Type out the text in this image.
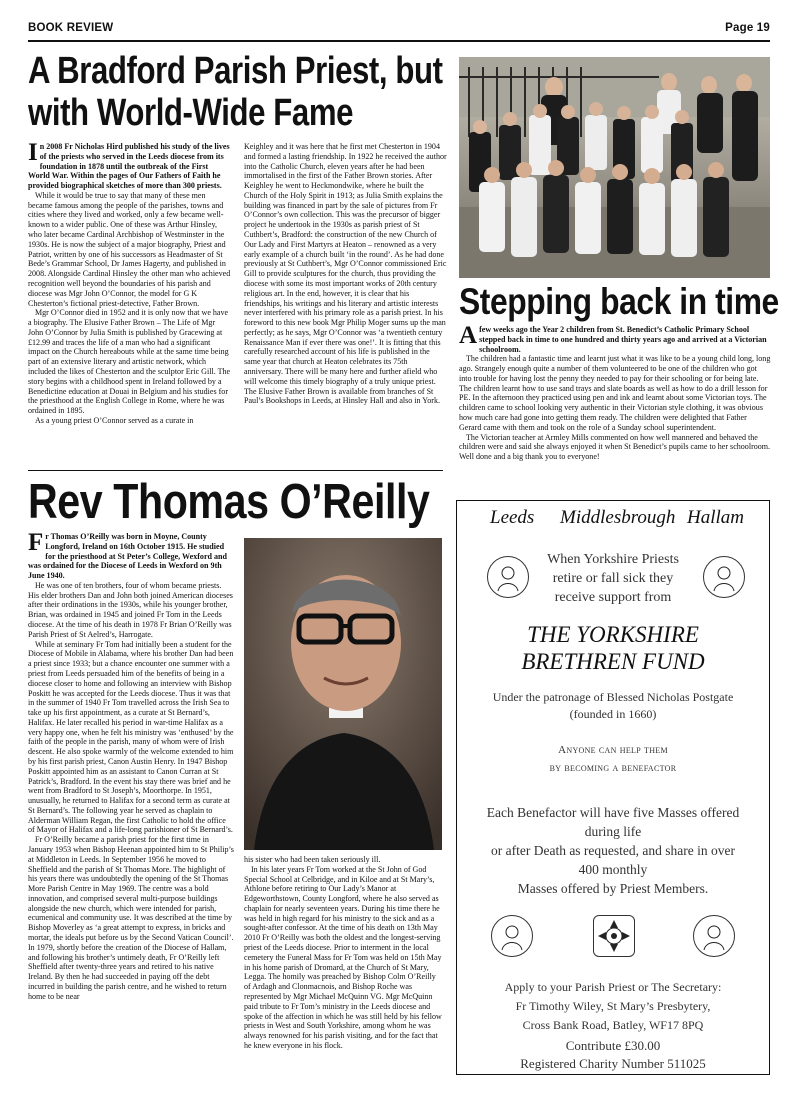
BOOK REVIEW	Page 19
A Bradford Parish Priest, but
with World-Wide Fame
I n 2008 Fr Nicholas Hird published his study of the lives of the priests who served in the Leeds diocese from its foundation in 1878 until the outbreak of the First World War. Within the pages of Our Fathers of Faith he provided biographical sketches of more than 300 priests.

While it would be true to say that many of these men became famous among the people of the parishes, towns and cities where they lived and worked, only a few became well-known to a wider public. One of these was Arthur Hinsley, who later became Cardinal Archbishop of Westminster in the 1930s. He is now the subject of a major biography, Priest and Patriot, written by one of his successors as Headmaster of St Bede’s Grammar School, Dr James Hagerty, and published in 2008. Alongside Cardinal Hinsley the other man who achieved recognition well beyond the boundaries of his parish and diocese was Mgr John O’Connor, the model for G K Chesterton’s fictional priest-detective, Father Brown.

Mgr O’Connor died in 1952 and it is only now that we have a biography. The Elusive Father Brown – The Life of Mgr John O’Connor by Julia Smith is published by Gracewing at £12.99 and traces the life of a man who had a significant impact on the Church hereabouts while at the same time being part of an extensive literary and artistic network, which included the likes of Chesterton and the sculptor Eric Gill. The story begins with a childhood spent in Ireland followed by a Benedictine education at Douai in Belgium and his studies for the priesthood at the English College in Rome, where he was ordained in 1895.

As a young priest O’Connor served as a curate in

Keighley and it was here that he first met Chesterton in 1904 and formed a lasting friendship. In 1922 he received the author into the Catholic Church, eleven years after he had been immortalised in the first of the Father Brown stories. After Keighley he went to Heckmondwike, where he built the Church of the Holy Spirit in 1913; as Julia Smith explains the building was financed in part by the sale of pictures from Fr O’Connor’s own collection. This was the precursor of bigger project he undertook in the 1930s as parish priest of St Cuthbert’s, Bradford: the construction of the new Church of Our Lady and First Martyrs at Heaton – renowned as a very early example of a church built ‘in the round’. As he had done previously at St Cuthbert’s, Mgr O’Connor commissioned Eric Gill to provide sculptures for the church, thus providing the diocese with some its most important works of 20th century religious art. In the end, however, it is clear that his friendships, his writings and his literary and artistic interests never interfered with his primary role as a parish priest. In his foreword to this new book Mgr Philip Moger sums up the man perfectly; as he says, Mgr O’Connor was ‘a twentieth century Renaissance Man if ever there was one!’. It is fitting that this carefully researched account of his life is published in the same year that church at Heaton celebrates its 75th anniversary. There will be many here and further afield who will welcome this timely biography of a truly unique priest. The Elusive Father Brown is available from branches of St Paul’s Bookshops in Leeds, at Hinsley Hall and also in York.

Stepping back in time
A few weeks ago the Year 2 children from St. Benedict’s Catholic Primary School stepped back in time to one hundred and thirty years ago and arrived at a Victorian schoolroom.

The children had a fantastic time and learnt just what it was like to be a young child long, long ago. Strangely enough quite a number of them volunteered to be one of the children who got into trouble for having lost the penny they needed to pay for their schooling or for being late. The children learnt how to use sand trays and slate boards as well as how to do a drill lesson for PE. In the afternoon they practiced using pen and ink and learnt about some Victorian toys. The children came to school looking very authentic in their Victorian style clothing, it was obvious how much care had gone into getting them ready. The children were delighted that Father Gerard came with them and took on the role of a Sunday school superintendent.

The Victorian teacher at Armley Mills commented on how well mannered and behaved the children were and said she always enjoyed it when St Benedict’s pupils came to her schoolroom. Well done and a big thank you to everyone!

Rev Thomas O’Reilly
F r Thomas O’Reilly was born in Moyne, County Longford, Ireland on 16th October 1915. He studied for the priesthood at St Peter’s College, Wexford and was ordained for the Diocese of Leeds in Wexford on 9th June 1940.

He was one of ten brothers, four of whom became priests. His elder brothers Dan and John both joined American dioceses after their ordinations in the 1930s, while his younger brother, Brian, was ordained in 1945 and joined Fr Tom in the Leeds diocese. At the time of his death in 1978 Fr Brian O’Reilly was Parish Priest of St Aelred’s, Harrogate.

While at seminary Fr Tom had initially been a student for the Diocese of Mobile in Alabama, where his brother Dan had been a priest since 1933; but a chance encounter one summer with a priest from Leeds persuaded him of the benefits of being in a diocese closer to home and following an interview with Bishop Poskitt he was accepted for the Leeds diocese. Thus it was that in the summer of 1940 Fr Tom travelled across the Irish Sea to take up his first appointment, as a curate at St Bernard’s, Halifax. He later recalled his period in war-time Halifax as a very happy one, when he felt his ministry was ‘enthused’ by the faith of the people in the parish, many of whom were of Irish descent. He also spoke warmly of the welcome extended to him by his first parish priest, Canon Austin Henry. In 1947 Bishop Poskitt appointed him as an assistant to Canon Curran at St Patrick’s, Bradford. In the event his stay there was brief and he went from Bradford to St Joseph’s, Moorthorpe. In 1951, unusually, he returned to Halifax for a second term as curate at St Bernard’s. The following year he served as chaplain to Alderman William Regan, the first Catholic to hold the office of Mayor of Halifax and a life-long parishioner of St Bernard’s.

Fr O’Reilly became a parish priest for the first time in January 1953 when Bishop Heenan appointed him to St Philip’s at Middleton in Leeds. In September 1956 he moved to Sheffield and the parish of St Thomas More. The highlight of his years there was undoubtedly the opening of the St Thomas More Parish Centre in May 1969. The centre was a bold innovation, and comprised several multi-purpose buildings alongside the new church, which were intended for parish, ecumenical and community use. It was described at the time by Bishop Moverley as ‘a great attempt to express, in bricks and mortar, the ideals put before us by the Second Vatican Council’. In 1979, shortly before the creation of the Diocese of Hallam, and following his brother’s untimely death, Fr O’Reilly left Sheffield after twenty-three years and retired to his native Ireland. By then he had succeeded in paying off the debt incurred in building the parish centre, and he wished to return home to be near

his sister who had been taken seriously ill.

In his later years Fr Tom worked at the St John of God Special School at Celbridge, and in Kiloe and at St Mary’s, Athlone before retiring to Our Lady’s Manor at Edgeworthstown, County Longford, where he also served as chaplain for nearly seventeen years. During his time there he was held in high regard for his ministry to the sick and as a sought-after confessor. At the time of his death on 13th May 2010 Fr O’Reilly was both the oldest and the longest-serving priest of the Leeds diocese. Prior to interment in the local cemetery the Funeral Mass for Fr Tom was held on 15th May in his home parish of Dromard, at the Church of St Mary, Legga. The homily was preached by Bishop Colm O’Reilly of Ardagh and Clonmacnois, and Bishop Roche was represented by Mgr Michael McQuinn VG. Mgr McQuinn paid tribute to Fr Tom’s ministry in the Leeds diocese and spoke of the affection in which he was still held by his fellow priests in West and South Yorkshire, among whom he was always renowned for his parish visiting, and for the fact that he knew everyone in his flock.

Leeds Middlesbrough Hallam
When Yorkshire Priests
retire or fall sick they
receive support from
THE YORKSHIRE
BRETHREN FUND
Under the patronage of Blessed Nicholas Postgate
(founded in 1660)
Anyone can help them
by becoming a benefactor
Each Benefactor will have five Masses offered
during life
or after Death as requested, and share in over
400 monthly
Masses offered by Priest Members.
Apply to your Parish Priest or The Secretary:
Fr Timothy Wiley, St Mary’s Presbytery,
Cross Bank Road, Batley, WF17 8PQ
Contribute £30.00
Registered Charity Number 511025
